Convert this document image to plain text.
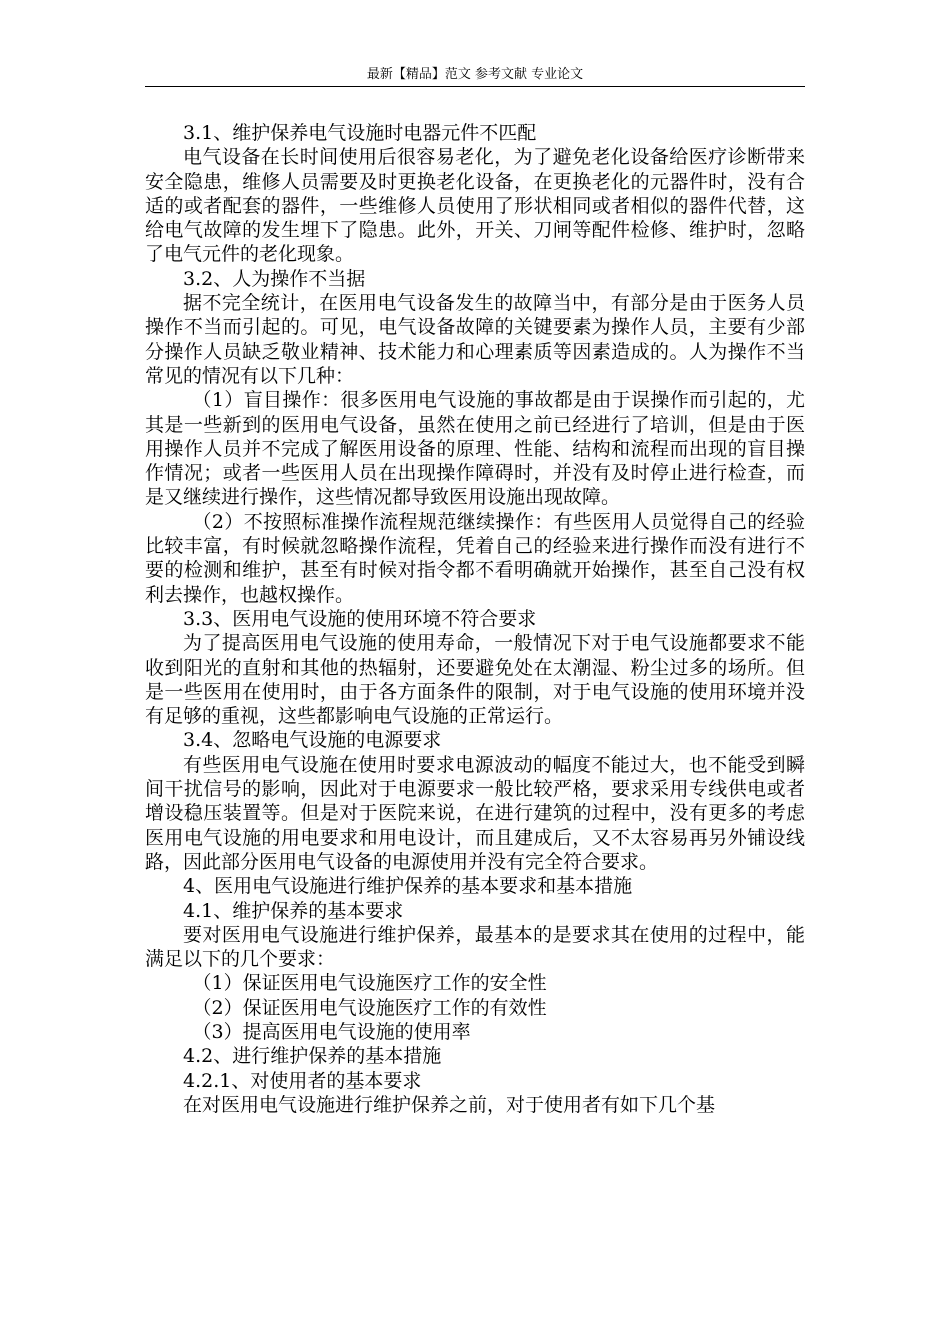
最新【精品】范文 参考文献 专业论文

3.1、维护保养电气设施时电器元件不匹配

电气设备在长时间使用后很容易老化，为了避免老化设备给医疗诊断带来安全隐患，维修人员需要及时更换老化设备，在更换老化的元器件时，没有合适的或者配套的器件，一些维修人员使用了形状相同或者相似的器件代替，这给电气故障的发生埋下了隐患。此外，开关、刀闸等配件检修、维护时，忽略了电气元件的老化现象。

3.2、人为操作不当据

据不完全统计，在医用电气设备发生的故障当中，有部分是由于医务人员操作不当而引起的。可见，电气设备故障的关键要素为操作人员，主要有少部分操作人员缺乏敬业精神、技术能力和心理素质等因素造成的。人为操作不当常见的情况有以下几种：

（1）盲目操作：很多医用电气设施的事故都是由于误操作而引起的，尤其是一些新到的医用电气设备，虽然在使用之前已经进行了培训，但是由于医用操作人员并不完成了解医用设备的原理、性能、结构和流程而出现的盲目操作情况；或者一些医用人员在出现操作障碍时，并没有及时停止进行检查，而是又继续进行操作，这些情况都导致医用设施出现故障。

（2）不按照标准操作流程规范继续操作：有些医用人员觉得自己的经验比较丰富，有时候就忽略操作流程，凭着自己的经验来进行操作而没有进行不要的检测和维护，甚至有时候对指令都不看明确就开始操作，甚至自己没有权利去操作，也越权操作。

3.3、医用电气设施的使用环境不符合要求

为了提高医用电气设施的使用寿命，一般情况下对于电气设施都要求不能收到阳光的直射和其他的热辐射，还要避免处在太潮湿、粉尘过多的场所。但是一些医用在使用时，由于各方面条件的限制，对于电气设施的使用环境并没有足够的重视，这些都影响电气设施的正常运行。

3.4、忽略电气设施的电源要求

有些医用电气设施在使用时要求电源波动的幅度不能过大，也不能受到瞬间干扰信号的影响，因此对于电源要求一般比较严格，要求采用专线供电或者增设稳压装置等。但是对于医院来说，在进行建筑的过程中，没有更多的考虑医用电气设施的用电要求和用电设计，而且建成后，又不太容易再另外铺设线路，因此部分医用电气设备的电源使用并没有完全符合要求。

4、医用电气设施进行维护保养的基本要求和基本措施

4.1、维护保养的基本要求

要对医用电气设施进行维护保养，最基本的是要求其在使用的过程中，能满足以下的几个要求：

（1）保证医用电气设施医疗工作的安全性

（2）保证医用电气设施医疗工作的有效性

（3）提高医用电气设施的使用率

4.2、进行维护保养的基本措施

4.2.1、对使用者的基本要求

在对医用电气设施进行维护保养之前，对于使用者有如下几个基
